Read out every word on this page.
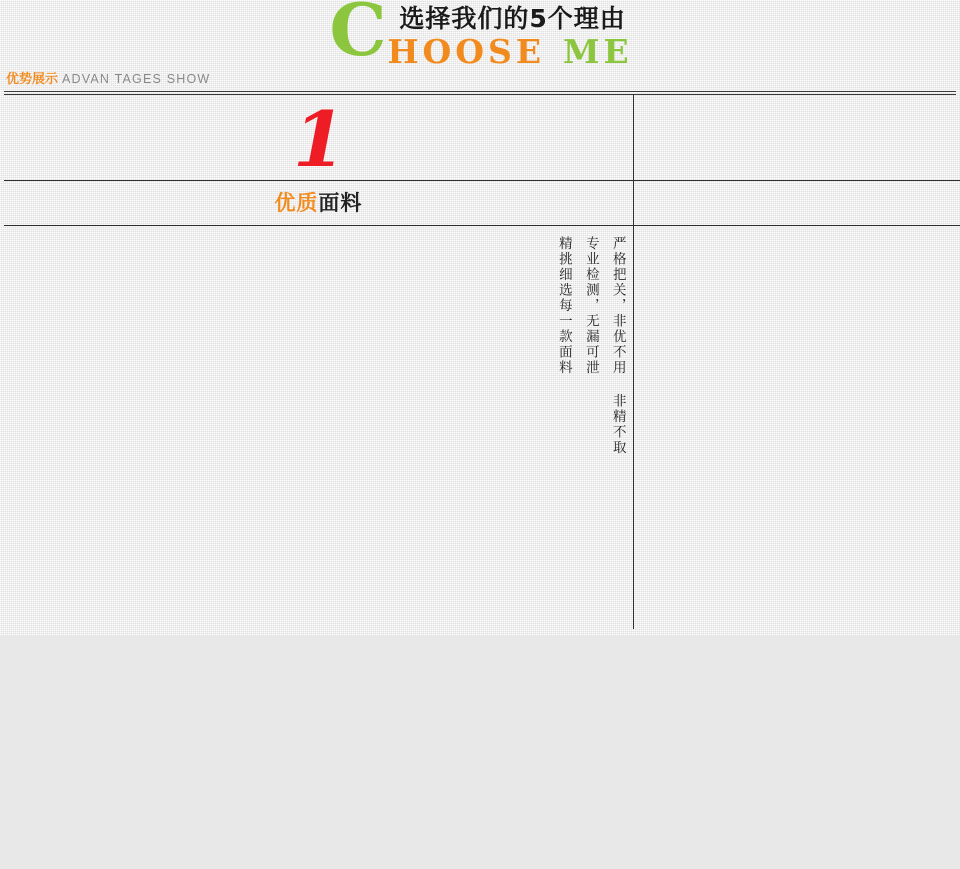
C 选择我们的5个理由
HOOSE ME
优势展示 ADVAN TAGES SHOW
1
优质面料
严格把关，非优不用 非精不取
专业检测，无漏可泄
精挑细选每一款面料
